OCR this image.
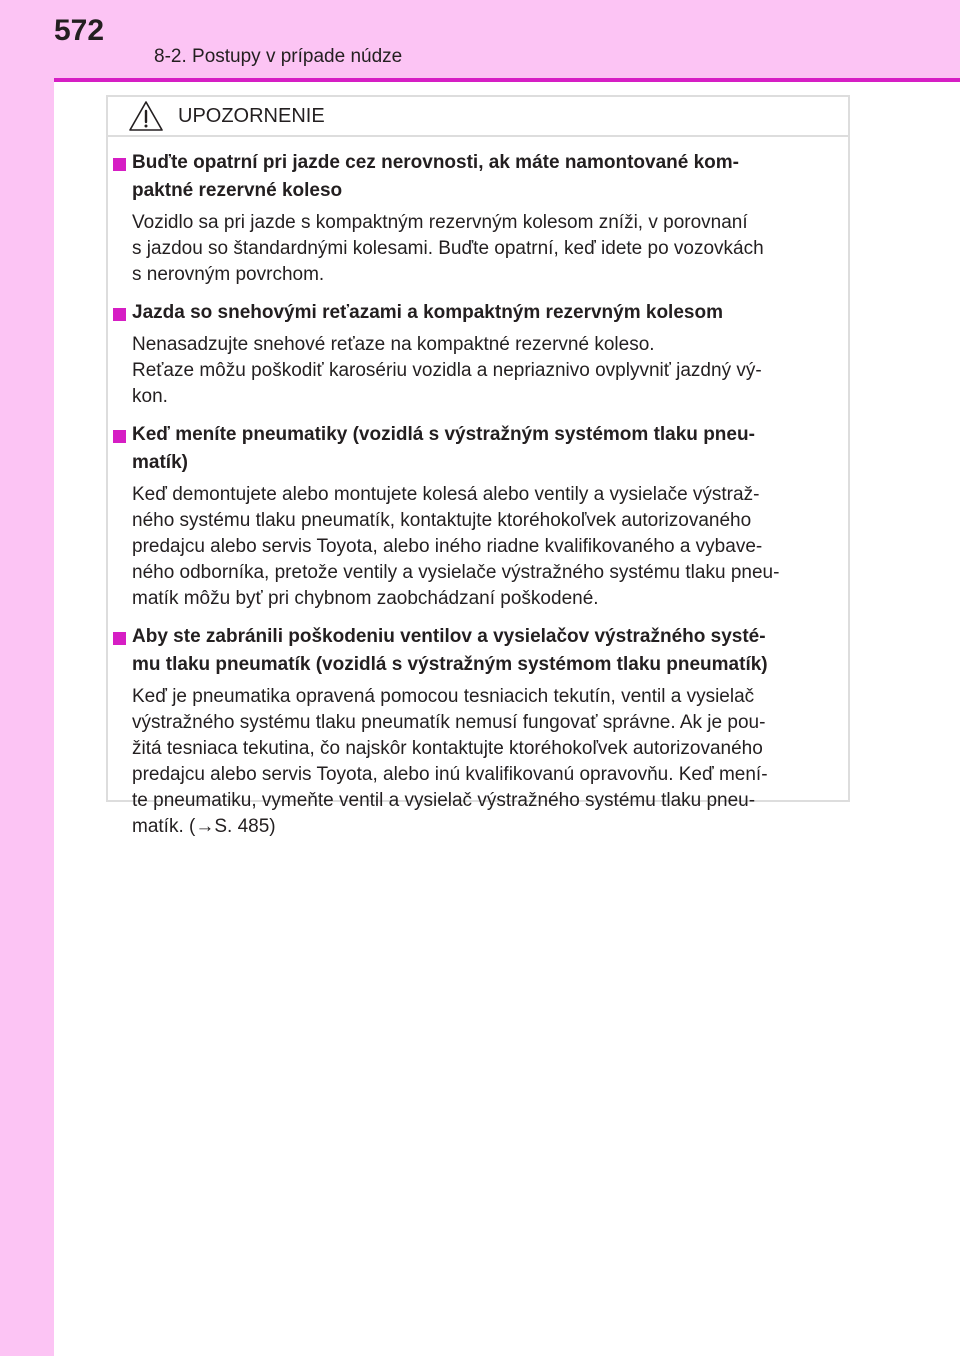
572
8-2. Postupy v prípade núdze
UPOZORNENIE
Buďte opatrní pri jazde cez nerovnosti, ak máte namontované kom-
paktné rezervné koleso
Vozidlo sa pri jazde s kompaktným rezervným kolesom zníži, v porovnaní
s jazdou so štandardnými kolesami. Buďte opatrní, keď idete po vozovkách
s nerovným povrchom.
Jazda so snehovými reťazami a kompaktným rezervným kolesom
Nenasadzujte snehové reťaze na kompaktné rezervné koleso.
Reťaze môžu poškodiť karosériu vozidla a nepriaznivo ovplyvniť jazdný vý-
kon.
Keď meníte pneumatiky (vozidlá s výstražným systémom tlaku pneu-
matík)
Keď demontujete alebo montujete kolesá alebo ventily a vysielače výstraž-
ného systému tlaku pneumatík, kontaktujte ktoréhokoľvek autorizovaného
predajcu alebo servis Toyota, alebo iného riadne kvalifikovaného a vybave-
ného odborníka, pretože ventily a vysielače výstražného systému tlaku pneu-
matík môžu byť pri chybnom zaobchádzaní poškodené.
Aby ste zabránili poškodeniu ventilov a vysielačov výstražného systé-
mu tlaku pneumatík (vozidlá s výstražným systémom tlaku pneumatík)
Keď je pneumatika opravená pomocou tesniacich tekutín, ventil a vysielač
výstražného systému tlaku pneumatík nemusí fungovať správne. Ak je pou-
žitá tesniaca tekutina, čo najskôr kontaktujte ktoréhokoľvek autorizovaného
predajcu alebo servis Toyota, alebo inú kvalifikovanú opravovňu. Keď mení-
te pneumatiku, vymeňte ventil a vysielač výstražného systému tlaku pneu-
matík. (→S. 485)
